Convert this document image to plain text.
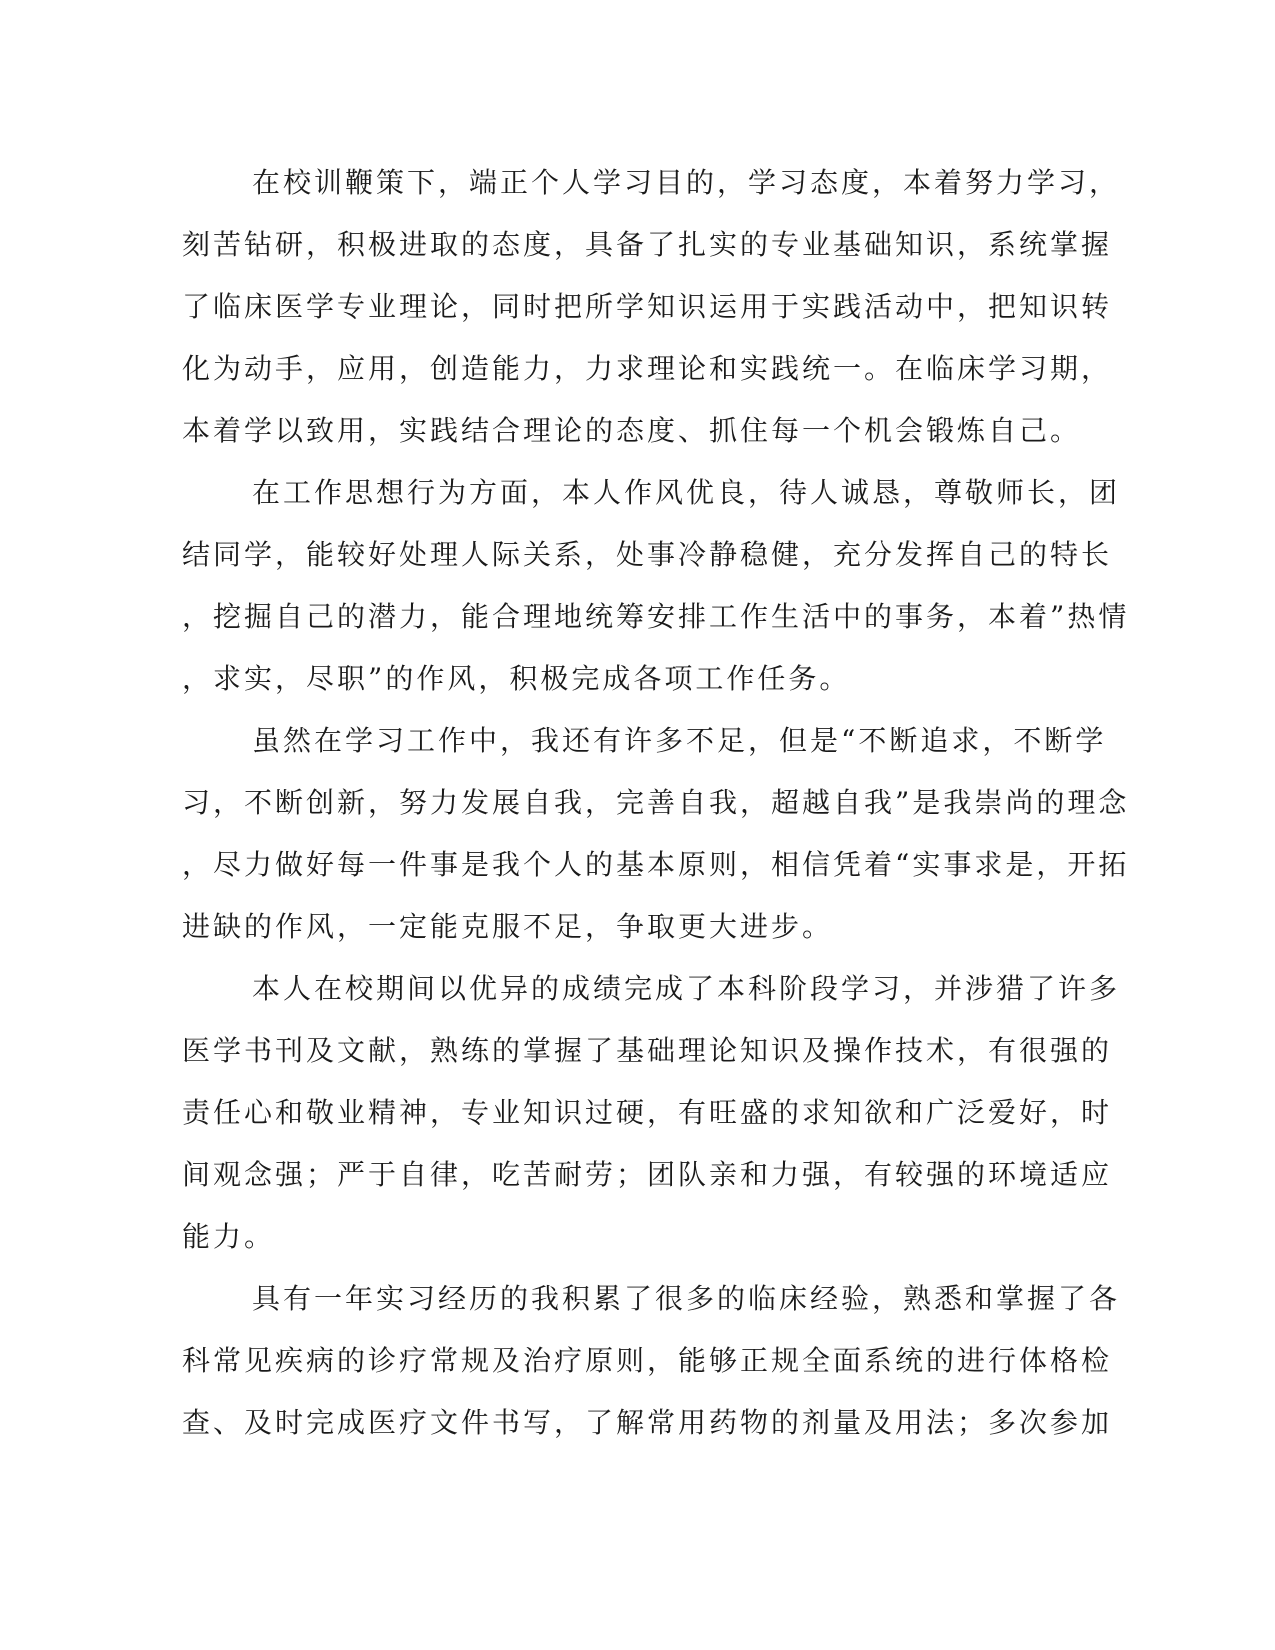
在校训鞭策下，端正个人学习目的，学习态度，本着努力学习，
刻苦钻研，积极进取的态度，具备了扎实的专业基础知识，系统掌握
了临床医学专业理论，同时把所学知识运用于实践活动中，把知识转
化为动手，应用，创造能力，力求理论和实践统一。在临床学习期，
本着学以致用，实践结合理论的态度、抓住每一个机会锻炼自己。
在工作思想行为方面，本人作风优良，待人诚恳，尊敬师长，团
结同学，能较好处理人际关系，处事冷静稳健，充分发挥自己的特长
，挖掘自己的潜力，能合理地统筹安排工作生活中的事务，本着”热情
，求实，尽职”的作风，积极完成各项工作任务。
虽然在学习工作中，我还有许多不足，但是“不断追求，不断学
习，不断创新，努力发展自我，完善自我，超越自我”是我崇尚的理念
，尽力做好每一件事是我个人的基本原则，相信凭着“实事求是，开拓
进缺的作风，一定能克服不足，争取更大进步。
本人在校期间以优异的成绩完成了本科阶段学习，并涉猎了许多
医学书刊及文献，熟练的掌握了基础理论知识及操作技术，有很强的
责任心和敬业精神，专业知识过硬，有旺盛的求知欲和广泛爱好，时
间观念强；严于自律，吃苦耐劳；团队亲和力强，有较强的环境适应
能力。
具有一年实习经历的我积累了很多的临床经验，熟悉和掌握了各
科常见疾病的诊疗常规及治疗原则，能够正规全面系统的进行体格检
查、及时完成医疗文件书写，了解常用药物的剂量及用法；多次参加
